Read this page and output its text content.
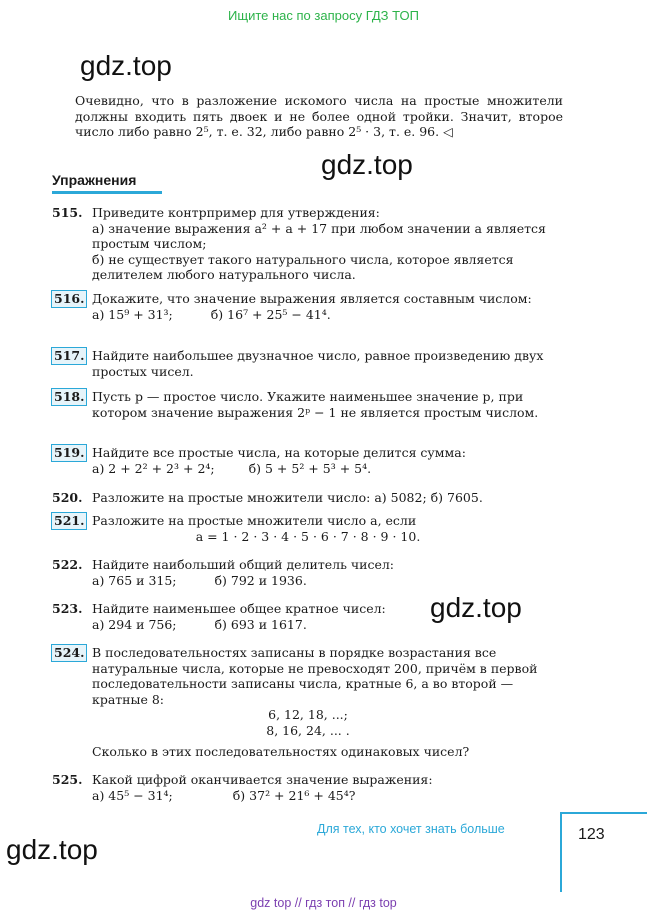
Ищите нас по запросу ГДЗ ТОП
gdz.top
gdz.top
gdz.top
gdz.top
Очевидно, что в разложение искомого числа на простые множители должны входить пять двоек и не более одной тройки. Значит, второе число либо равно 2⁵, т. е. 32, либо равно 2⁵ · 3, т. е. 96. ◁
Упражнения
515. Приведите контрпример для утверждения:
а) значение выражения a² + a + 17 при любом значении a является простым числом;
б) не существует такого натурального числа, которое является делителем любого натурального числа.
516. Докажите, что значение выражения является составным числом:
а) 15⁹ + 31³;	б) 16⁷ + 25⁵ − 41⁴.
517. Найдите наибольшее двузначное число, равное произведению двух простых чисел.
518. Пусть p — простое число. Укажите наименьшее значение p, при котором значение выражения 2ᵖ − 1 не является простым числом.
519. Найдите все простые числа, на которые делится сумма:
а) 2 + 2² + 2³ + 2⁴;	б) 5 + 5² + 5³ + 5⁴.
520. Разложите на простые множители число: а) 5082; б) 7605.
521. Разложите на простые множители число a, если
a = 1 · 2 · 3 · 4 · 5 · 6 · 7 · 8 · 9 · 10.
522. Найдите наибольший общий делитель чисел:
а) 765 и 315;	б) 792 и 1936.
523. Найдите наименьшее общее кратное чисел:
а) 294 и 756;	б) 693 и 1617.
524. В последовательностях записаны в порядке возрастания все натуральные числа, которые не превосходят 200, причём в первой последовательности записаны числа, кратные 6, а во второй — кратные 8:
6, 12, 18, ...;
8, 16, 24, ... .
Сколько в этих последовательностях одинаковых чисел?
525. Какой цифрой оканчивается значение выражения:
а) 45⁵ − 31⁴;	б) 37² + 21⁶ + 45⁴?
Для тех, кто хочет знать больше	123
gdz top // гдз топ // гдз top
